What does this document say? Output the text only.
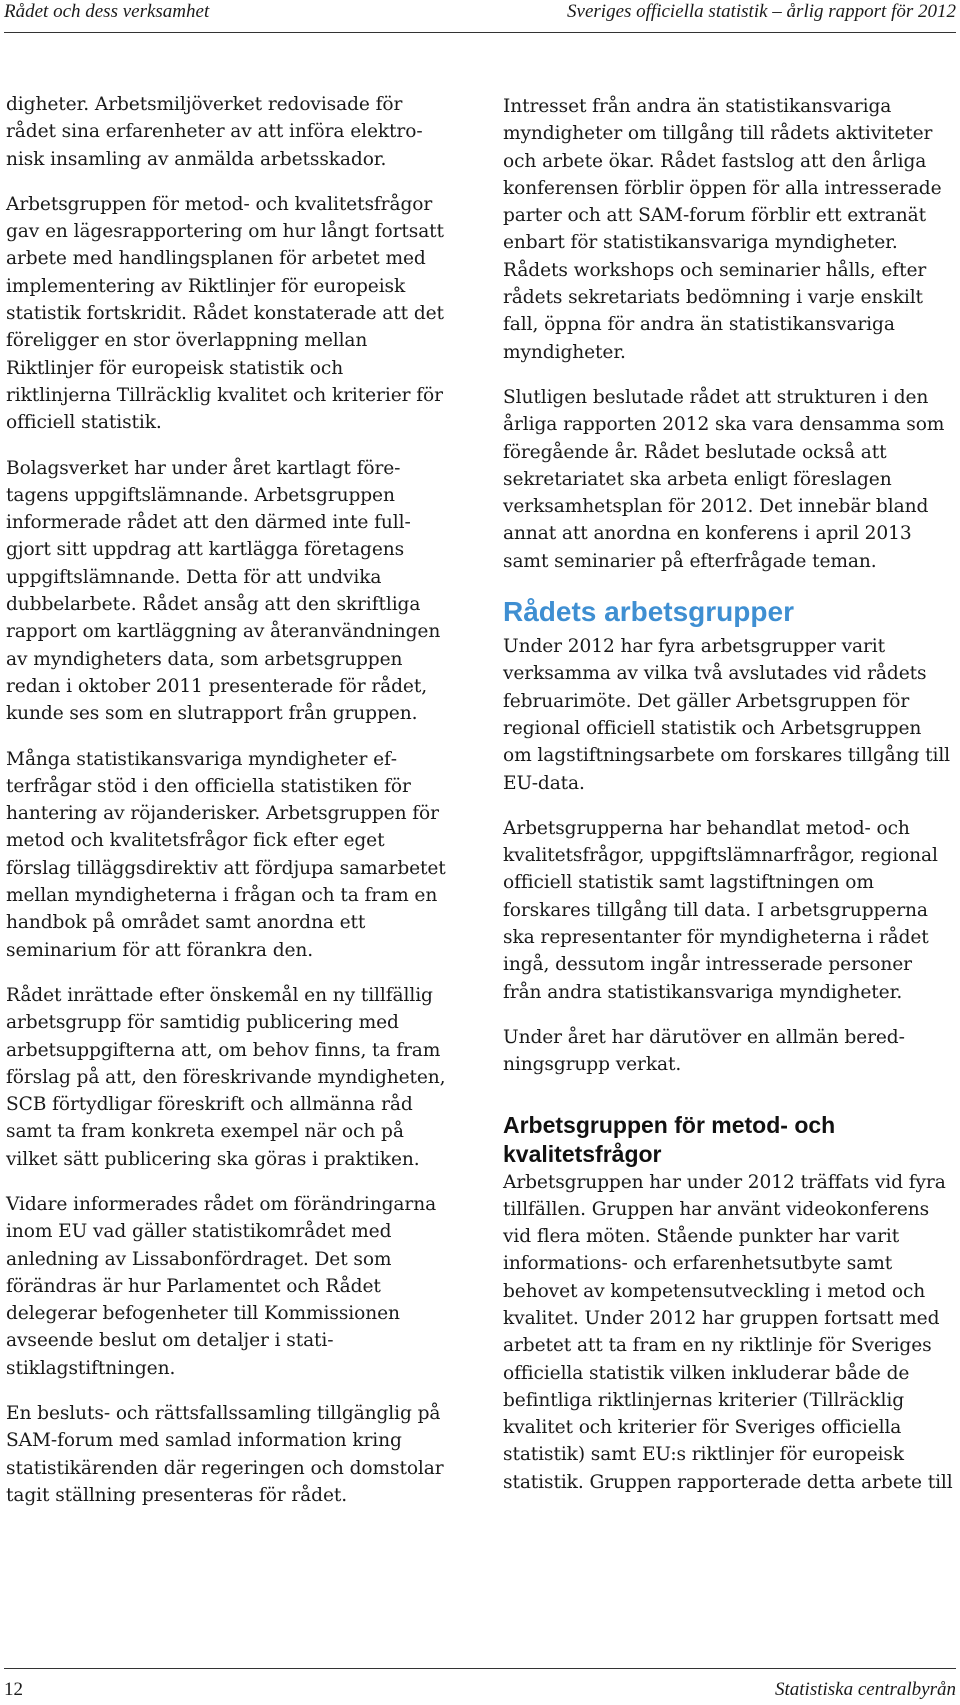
Rådet och dess verksamhet	Sveriges officiella statistik – årlig rapport för 2012

digheter. Arbetsmiljöverket redovisade för rådet sina erfarenheter av att införa elektronisk insamling av anmälda arbetsskador.

Arbetsgruppen för metod- och kvalitetsfrågor gav en lägesrapportering om hur långt fortsatt arbete med handlingsplanen för arbetet med implementering av Riktlinjer för europeisk statistik fortskridit. Rådet konstaterade att det föreligger en stor överlappning mellan Riktlinjer för europeisk statistik och riktlinjerna Tillräcklig kvalitet och kriterier för officiell statistik.

Bolagsverket har under året kartlagt företagens uppgiftslämnande. Arbetsgruppen informerade rådet att den därmed inte fullgjort sitt uppdrag att kartlägga företagens uppgiftslämnande. Detta för att undvika dubbelarbete. Rådet ansåg att den skriftliga rapport om kartläggning av återanvändningen av myndigheters data, som arbetsgruppen redan i oktober 2011 presenterade för rådet, kunde ses som en slutrapport från gruppen.

Många statistikansvariga myndigheter efterfrågar stöd i den officiella statistiken för hantering av röjanderisker. Arbetsgruppen för metod och kvalitetsfrågor fick efter eget förslag tilläggsdirektiv att fördjupa samarbetet mellan myndigheterna i frågan och ta fram en handbok på området samt anordna ett seminarium för att förankra den.

Rådet inrättade efter önskemål en ny tillfällig arbetsgrupp för samtidig publicering med arbetsuppgifterna att, om behov finns, ta fram förslag på att, den föreskrivande myndigheten, SCB förtydligar föreskrift och allmänna råd samt ta fram konkreta exempel när och på vilket sätt publicering ska göras i praktiken.

Vidare informerades rådet om förändringarna inom EU vad gäller statistikområdet med anledning av Lissabonfördraget. Det som förändras är hur Parlamentet och Rådet delegerar befogenheter till Kommissionen avseende beslut om detaljer i statistiklagstiftningen.

En besluts- och rättsfallssamling tillgänglig på SAM-forum med samlad information kring statistikärenden där regeringen och domstolar tagit ställning presenteras för rådet.

Intresset från andra än statistikansvariga myndigheter om tillgång till rådets aktiviteter och arbete ökar. Rådet fastslog att den årliga konferensen förblir öppen för alla intresserade parter och att SAM-forum förblir ett extranät enbart för statistikansvariga myndigheter. Rådets workshops och seminarier hålls, efter rådets sekretariats bedömning i varje enskilt fall, öppna för andra än statistikansvariga myndigheter.

Slutligen beslutade rådet att strukturen i den årliga rapporten 2012 ska vara densamma som föregående år. Rådet beslutade också att sekretariatet ska arbeta enligt föreslagen verksamhetsplan för 2012. Det innebär bland annat att anordna en konferens i april 2013 samt seminarier på efterfrågade teman.

Rådets arbetsgrupper

Under 2012 har fyra arbetsgrupper varit verksamma av vilka två avslutades vid rådets februarimöte. Det gäller Arbetsgruppen för regional officiell statistik och Arbetsgruppen om lagstiftningsarbete om forskares tillgång till EU-data.

Arbetsgrupperna har behandlat metod- och kvalitetsfrågor, uppgiftslämnarfrågor, regional officiell statistik samt lagstiftningen om forskares tillgång till data. I arbetsgrupperna ska representanter för myndigheterna i rådet ingå, dessutom ingår intresserade personer från andra statistikansvariga myndigheter.

Under året har därutöver en allmän beredningsgrupp verkat.

Arbetsgruppen för metod- och kvalitetsfrågor

Arbetsgruppen har under 2012 träffats vid fyra tillfällen. Gruppen har använt videokonferens vid flera möten. Stående punkter har varit informations- och erfarenhetsutbyte samt behovet av kompetensutveckling i metod och kvalitet. Under 2012 har gruppen fortsatt med arbetet att ta fram en ny riktlinje för Sveriges officiella statistik vilken inkluderar både de befintliga riktlinjernas kriterier (Tillräcklig kvalitet och kriterier för Sveriges officiella statistik) samt EU:s riktlinjer för europeisk statistik. Gruppen rapporterade detta arbete till

12	Statistiska centralbyrån
